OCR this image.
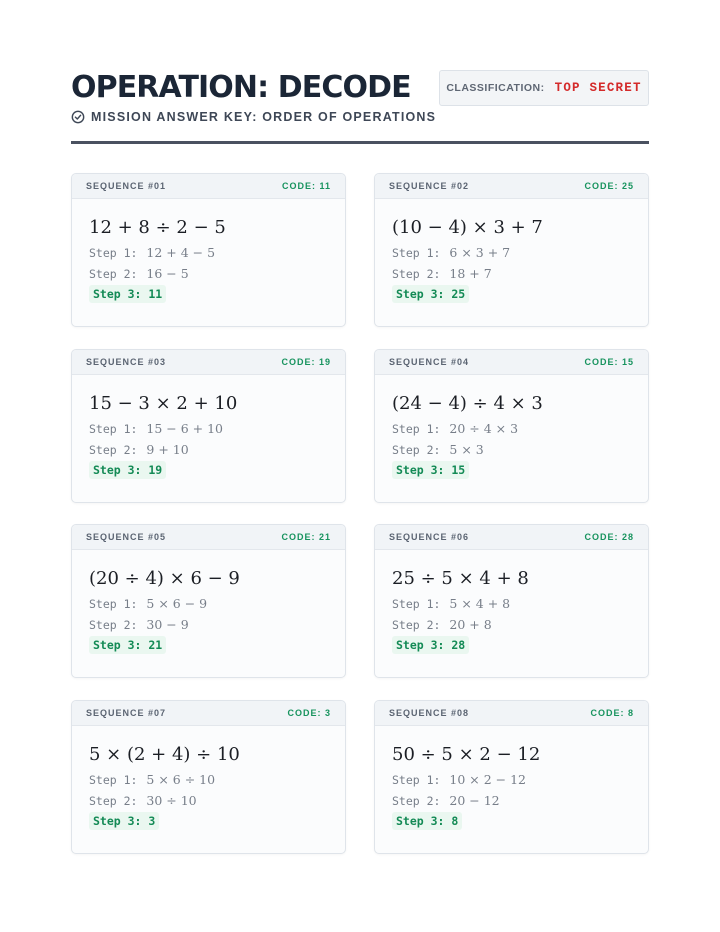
OPERATION: DECODE
MISSION ANSWER KEY: ORDER OF OPERATIONS
CLASSIFICATION: TOP SECRET
SEQUENCE #01	CODE: 11
12 + 8 ÷ 2 − 5
Step 1: 12 + 4 − 5
Step 2: 16 − 5
Step 3: 11
SEQUENCE #02	CODE: 25
(10 − 4) × 3 + 7
Step 1: 6 × 3 + 7
Step 2: 18 + 7
Step 3: 25
SEQUENCE #03	CODE: 19
15 − 3 × 2 + 10
Step 1: 15 − 6 + 10
Step 2: 9 + 10
Step 3: 19
SEQUENCE #04	CODE: 15
(24 − 4) ÷ 4 × 3
Step 1: 20 ÷ 4 × 3
Step 2: 5 × 3
Step 3: 15
SEQUENCE #05	CODE: 21
(20 ÷ 4) × 6 − 9
Step 1: 5 × 6 − 9
Step 2: 30 − 9
Step 3: 21
SEQUENCE #06	CODE: 28
25 ÷ 5 × 4 + 8
Step 1: 5 × 4 + 8
Step 2: 20 + 8
Step 3: 28
SEQUENCE #07	CODE: 3
5 × (2 + 4) ÷ 10
Step 1: 5 × 6 ÷ 10
Step 2: 30 ÷ 10
Step 3: 3
SEQUENCE #08	CODE: 8
50 ÷ 5 × 2 − 12
Step 1: 10 × 2 − 12
Step 2: 20 − 12
Step 3: 8
